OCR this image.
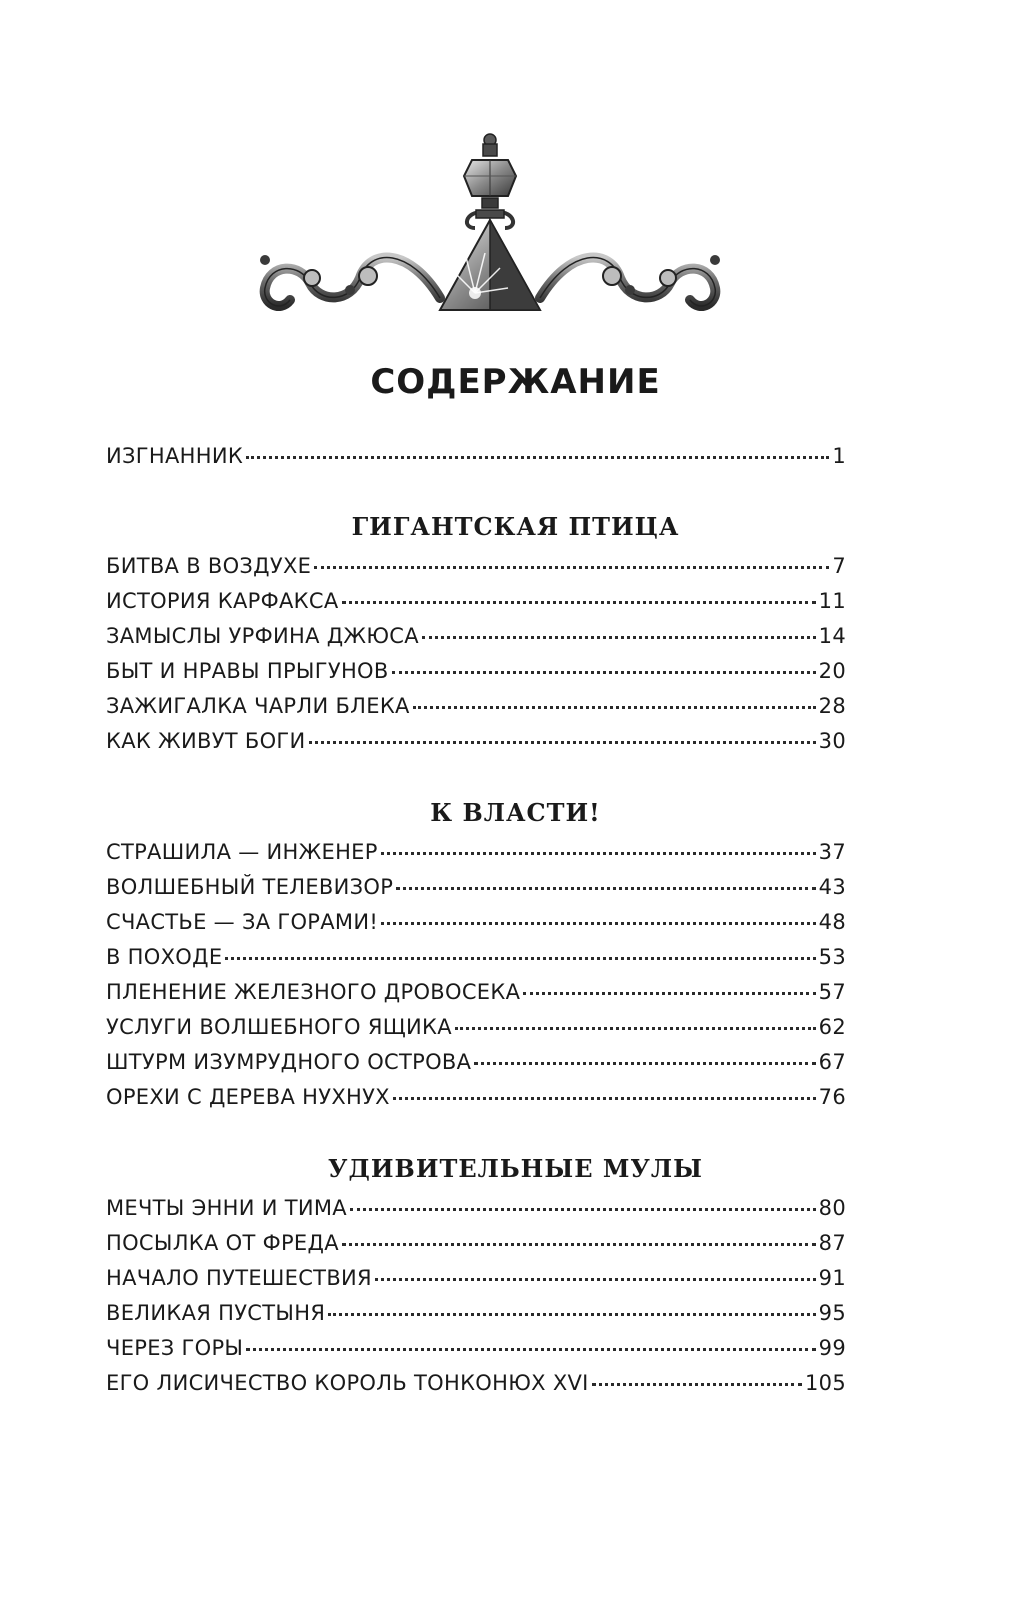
СОДЕРЖАНИЕ
ИЗГНАННИК	1
ГИГАНТСКАЯ ПТИЦА
БИТВА В ВОЗДУХЕ	7
ИСТОРИЯ КАРФАКСА	11
ЗАМЫСЛЫ УРФИНА ДЖЮСА	14
БЫТ И НРАВЫ ПРЫГУНОВ	20
ЗАЖИГАЛКА ЧАРЛИ БЛЕКА	28
КАК ЖИВУТ БОГИ	30
К ВЛАСТИ!
СТРАШИЛА — ИНЖЕНЕР	37
ВОЛШЕБНЫЙ ТЕЛЕВИЗОР	43
СЧАСТЬЕ — ЗА ГОРАМИ!	48
В ПОХОДЕ	53
ПЛЕНЕНИЕ ЖЕЛЕЗНОГО ДРОВОСЕКА	57
УСЛУГИ ВОЛШЕБНОГО ЯЩИКА	62
ШТУРМ ИЗУМРУДНОГО ОСТРОВА	67
ОРЕХИ С ДЕРЕВА НУХНУХ	76
УДИВИТЕЛЬНЫЕ МУЛЫ
МЕЧТЫ ЭННИ И ТИМА	80
ПОСЫЛКА ОТ ФРЕДА	87
НАЧАЛО ПУТЕШЕСТВИЯ	91
ВЕЛИКАЯ ПУСТЫНЯ	95
ЧЕРЕЗ ГОРЫ	99
ЕГО ЛИСИЧЕСТВО КОРОЛЬ ТОНКОНЮХ XVI	105
